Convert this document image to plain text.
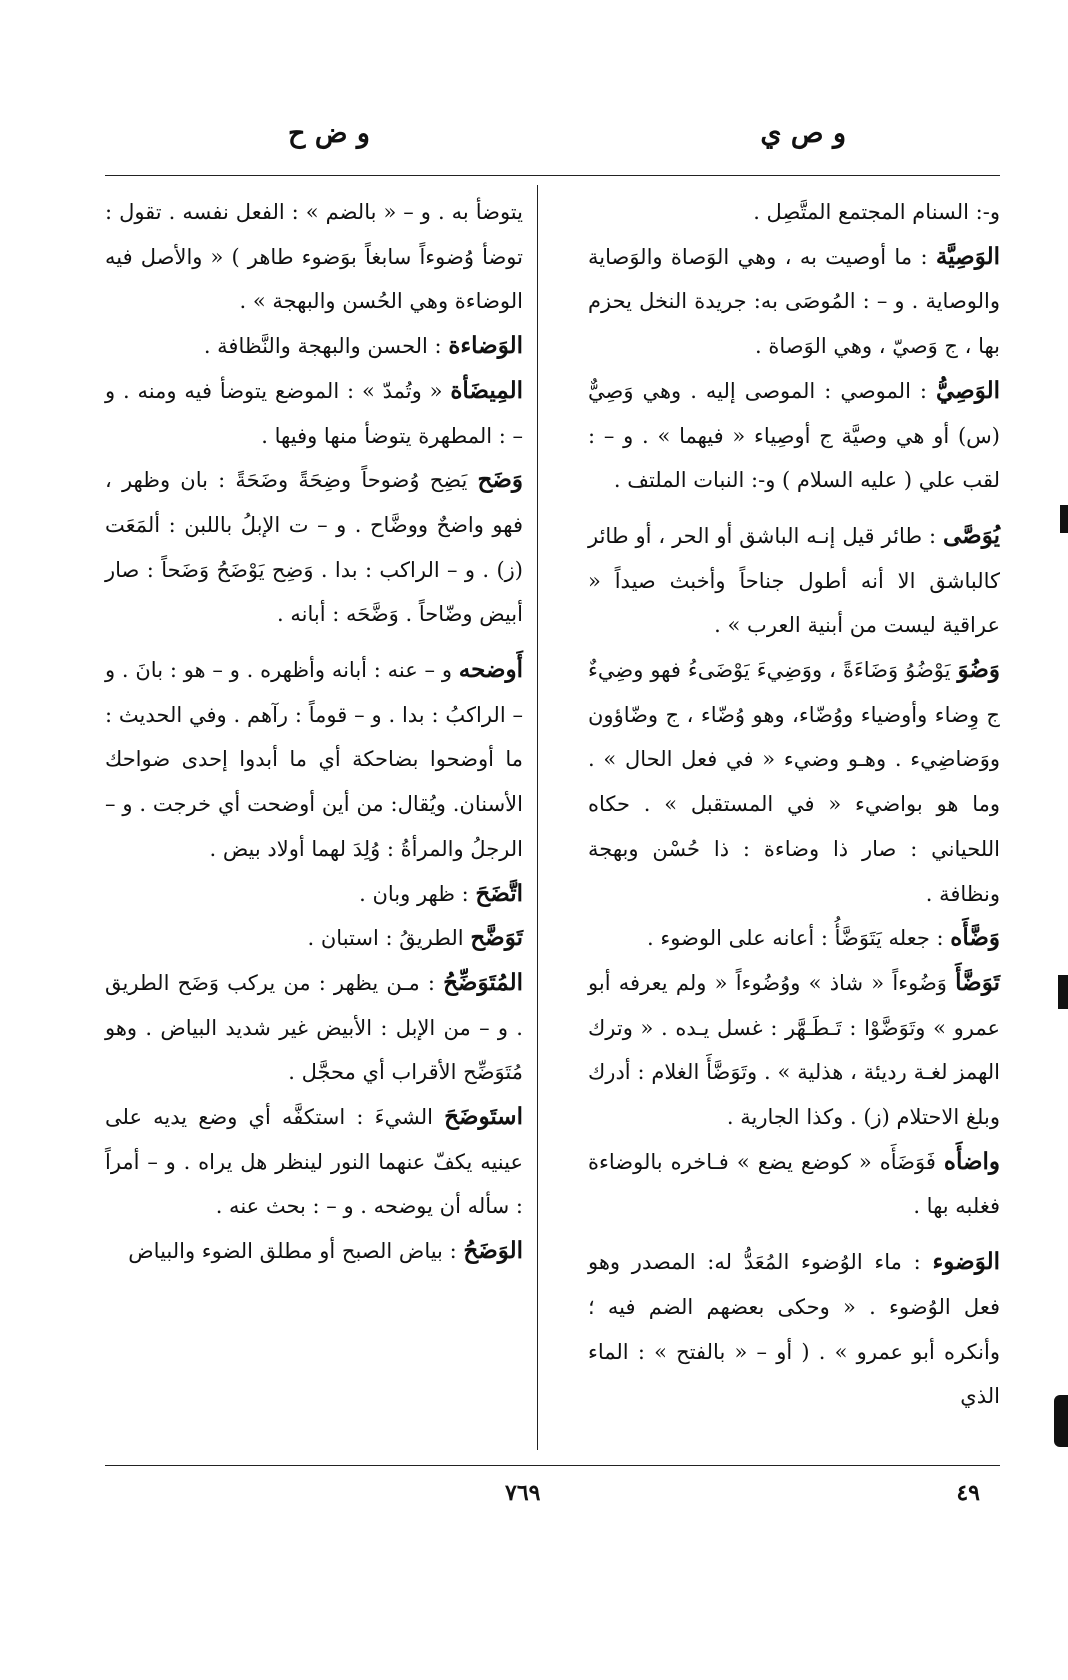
و ص ي
و ض ح

و-: السنام المجتمع المتَّصِل .

الوَصِيَّة : ما أوصيت به ، وهي الوَصاة والوَصاية والوصاية . و – : المُوصَى به: جريدة النخل يحزم بها ، ج وَصيّ ، وهي الوَصاة .

الوَصِيُّ : الموصي : الموصى إليه . وهي وَصِيٌّ (س) أو هي وصيَّة ج أوصِياء « فيهما » . و – : لقب علي ( عليه السلام ) و-: النبات الملتف .

يُوَصَّى : طائر قيل إنـه الباشق أو الحر ، أو طائر كالباشق الا أنه أطول جناحاً وأخبث صيداً « عراقية ليست من أبنية العرب » .

وَضُوَ يَوْضُوُ وَضَاءَةً ، ووَضِيءَ يَوْضَىءُ فهو وضِيءٌ ج وِضاء وأوضياء ووُضّاء، وهو وُضّاء ، ج وضّاؤون ووَضاضِيء . وهـو وضيء « في فعل الحال » . وما هو بواضيء « في المستقبل » . حكاه اللحياني : صار ذا وضاءة : ذا حُسْن وبهجة ونظافة .

وَضَّأَه : جعله يَتَوَضَّأُ : أعانه على الوضوء .

تَوَضَّأَ وَضُوءاً « شاذ » ووُضُوءاً « ولم يعرفه أبو عمرو » وتَوَضَّوْا : تَـطَـهَّر : غسل يـده . « وترك الهمز لغـة رديئة ، هذلية » . وتَوَضَّأَ الغلام : أدرك وبلغ الاحتلام (ز) . وكذا الجارية .

واضأَه فَوَضَأَه « كوضع يضع » فـاخره بالوضاءة فغلبه بها .

الوَضوء : ماء الوُضوء المُعَدُّ له: المصدر وهو فعل الوُضوء . « وحكى بعضهم الضم فيه ؛ وأنكره أبو عمرو » . ( أو – « بالفتح » : الماء الذي

يتوضأ به . و – « بالضم » : الفعل نفسه . تقول : توضأ وُضوءاً سابغاً بوَضوء طاهر ) « والأصل فيه الوضاءة وهي الحُسن والبهجة » .

الوَضاءة : الحسن والبهجة والنَّظافة .

المِيضَأة « وتُمدّ » : الموضع يتوضأ فيه ومنه . و – : المطهرة يتوضأ منها وفيها .

وَضَح يَضِح وُضوحاً وضِحَةً وضَحَةً : بان وظهر ، فهو واضحٌ ووضَّاح . و – ت الإبلُ باللبن : ألمَعَت (ز) . و – الراكب : بدا . وَضِح يَوْضَحُ وَضَحاً : صار أبيض وضّاحاً . وَضَّحَه : أبانه .

أَوضحه و – عنه : أبانه وأظهره . و – هو : بانَ . و – الراكبُ : بدا . و – قوماً : رآهم . وفي الحديث : ما أوضحوا بضاحكة أي ما أبدوا إحدى ضواحك الأسنان. ويُقال: من أين أوضحت أي خرجت . و – الرجلُ والمرأةُ : وُلِدَ لهما أولاد بيض .

اتَّضَحَ : ظهر وبان .

تَوَضَّح الطريقُ : استبان .

المُتَوَضِّحُ : مـن يظهر : من يركب وَضَح الطريق . و – من الإبل : الأبيض غير شديد البياض . وهو مُتَوَضِّح الأقراب أي محجَّل .

استَوضَحَ الشيءَ : استكفَّه أي وضع يديه على عينيه يكفّ عنهما النور لينظر هل يراه . و – أمراً : سأله أن يوضحه . و – : بحث عنه .

الوَضَحُ : بياض الصبح أو مطلق الضوء والبياض

٤٩
٧٦٩
